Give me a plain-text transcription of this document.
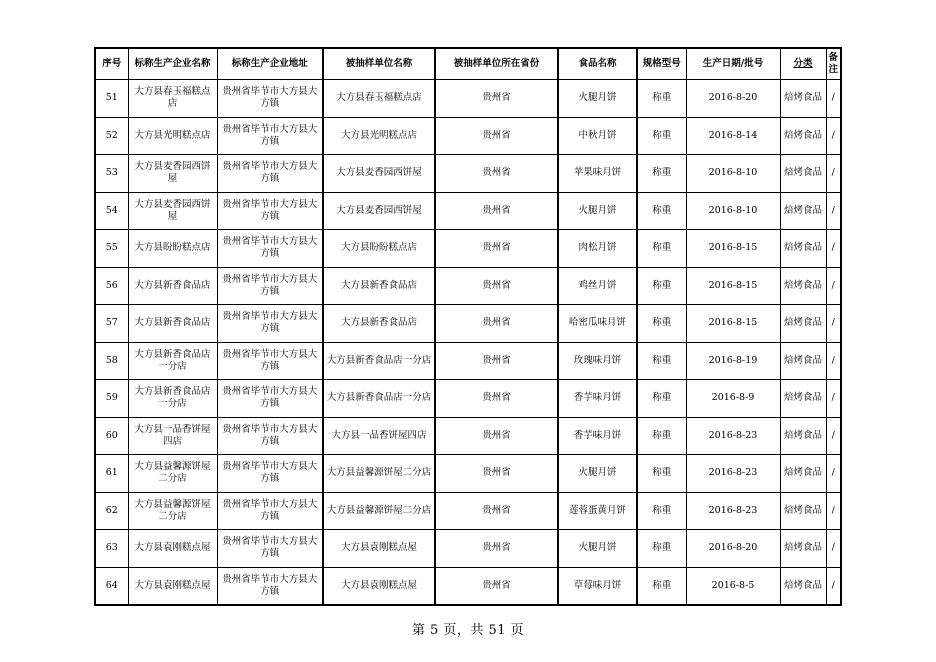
序号	标称生产企业名称	标称生产企业地址	被抽样单位名称	被抽样单位所在省份	食品名称	规格型号	生产日期/批号	分类	备注
51	大方县春玉福糕点店	贵州省毕节市大方县大方镇	大方县春玉福糕点店	贵州省	火腿月饼	称重	2016-8-20	焙烤食品	/
52	大方县光明糕点店	贵州省毕节市大方县大方镇	大方县光明糕点店	贵州省	中秋月饼	称重	2016-8-14	焙烤食品	/
53	大方县麦香园西饼屋	贵州省毕节市大方县大方镇	大方县麦香园西饼屋	贵州省	苹果味月饼	称重	2016-8-10	焙烤食品	/
54	大方县麦香园西饼屋	贵州省毕节市大方县大方镇	大方县麦香园西饼屋	贵州省	火腿月饼	称重	2016-8-10	焙烤食品	/
55	大方县盼盼糕点店	贵州省毕节市大方县大方镇	大方县盼盼糕点店	贵州省	肉松月饼	称重	2016-8-15	焙烤食品	/
56	大方县新香食品店	贵州省毕节市大方县大方镇	大方县新香食品店	贵州省	鸡丝月饼	称重	2016-8-15	焙烤食品	/
57	大方县新香食品店	贵州省毕节市大方县大方镇	大方县新香食品店	贵州省	哈密瓜味月饼	称重	2016-8-15	焙烤食品	/
58	大方县新香食品店一分店	贵州省毕节市大方县大方镇	大方县新香食品店一分店	贵州省	玫瑰味月饼	称重	2016-8-19	焙烤食品	/
59	大方县新香食品店一分店	贵州省毕节市大方县大方镇	大方县新香食品店一分店	贵州省	香芋味月饼	称重	2016-8-9	焙烤食品	/
60	大方县一品香饼屋四店	贵州省毕节市大方县大方镇	大方县一品香饼屋四店	贵州省	香芋味月饼	称重	2016-8-23	焙烤食品	/
61	大方县益馨源饼屋二分店	贵州省毕节市大方县大方镇	大方县益馨源饼屋二分店	贵州省	火腿月饼	称重	2016-8-23	焙烤食品	/
62	大方县益馨源饼屋二分店	贵州省毕节市大方县大方镇	大方县益馨源饼屋二分店	贵州省	莲蓉蛋黄月饼	称重	2016-8-23	焙烤食品	/
63	大方县袁刚糕点屋	贵州省毕节市大方县大方镇	大方县袁刚糕点屋	贵州省	火腿月饼	称重	2016-8-20	焙烤食品	/
64	大方县袁刚糕点屋	贵州省毕节市大方县大方镇	大方县袁刚糕点屋	贵州省	草莓味月饼	称重	2016-8-5	焙烤食品	/
第 5 页，共 51 页
